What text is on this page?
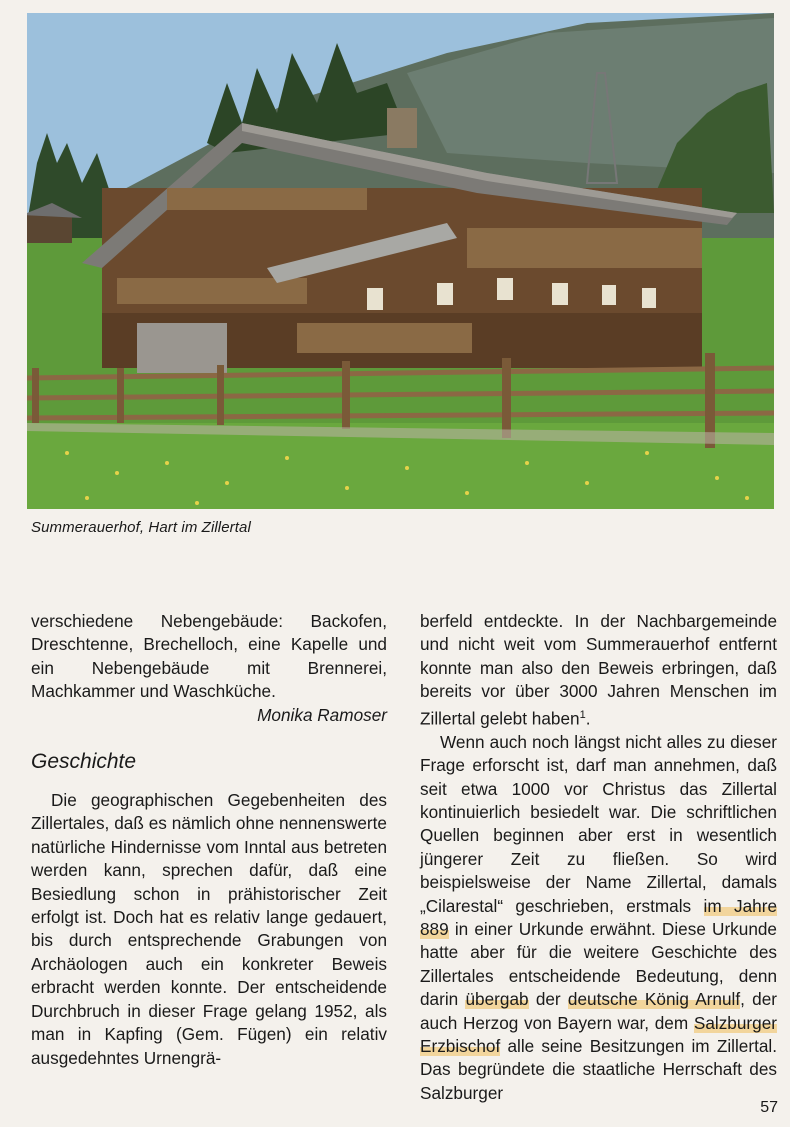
Summerauerhof, Hart im Zillertal

verschiedene Nebengebäude: Backofen, Dreschtenne, Brechelloch, eine Kapelle und ein Nebengebäude mit Brennerei, Machkammer und Waschküche.

Monika Ramoser

Geschichte

Die geographischen Gegebenheiten des Zillertales, daß es nämlich ohne nennenswerte natürliche Hindernisse vom Inntal aus betreten werden kann, sprechen dafür, daß eine Besiedlung schon in prähistorischer Zeit erfolgt ist. Doch hat es relativ lange gedauert, bis durch entsprechende Grabungen von Archäologen auch ein konkreter Beweis erbracht werden konnte. Der entscheidende Durchbruch in dieser Frage gelang 1952, als man in Kapfing (Gem. Fügen) ein relativ ausgedehntes Urnengrä-

berfeld entdeckte. In der Nachbargemeinde und nicht weit vom Summerauerhof entfernt konnte man also den Beweis erbringen, daß bereits vor über 3000 Jahren Menschen im Zillertal gelebt haben$^1$.

Wenn auch noch längst nicht alles zu dieser Frage erforscht ist, darf man annehmen, daß seit etwa 1000 vor Christus das Zillertal kontinuierlich besiedelt war. Die schriftlichen Quellen beginnen aber erst in wesentlich jüngerer Zeit zu fließen. So wird beispielsweise der Name Zillertal, damals „Cilarestal“ geschrieben, erstmals im Jahre 889 in einer Urkunde erwähnt. Diese Urkunde hatte aber für die weitere Geschichte des Zillertales entscheidende Bedeutung, denn darin übergab der deutsche König Arnulf, der auch Herzog von Bayern war, dem Salzburger Erzbischof alle seine Besitzungen im Zillertal. Das begründete die staatliche Herrschaft des Salzburger

57
